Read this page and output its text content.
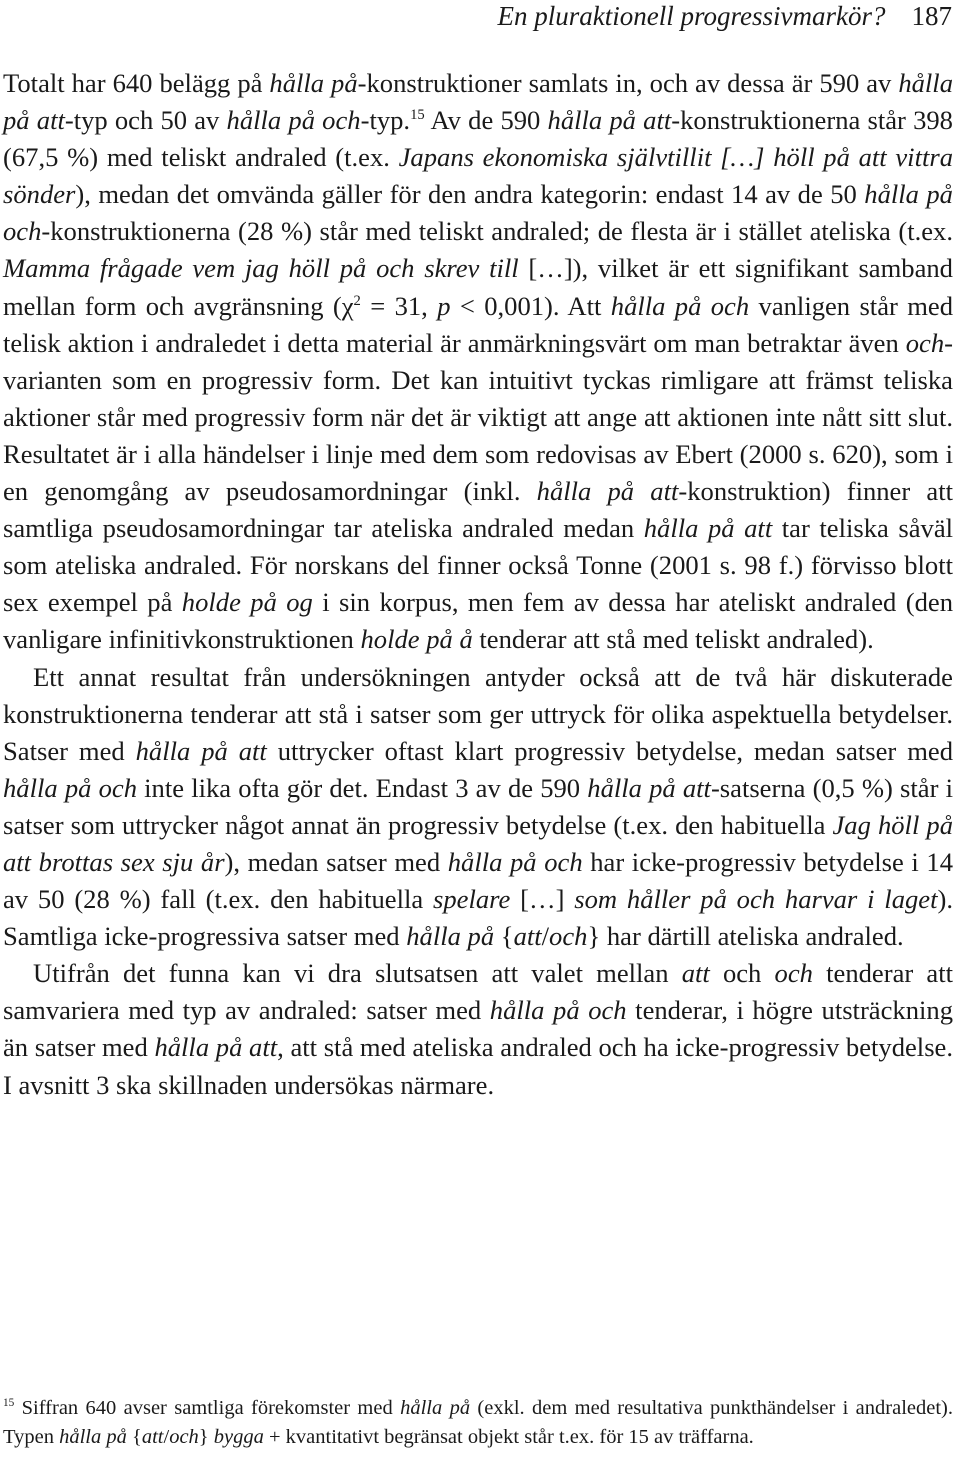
En pluraktionell progressivmarkör? 187

Totalt har 640 belägg på hålla på-konstruktioner samlats in, och av dessa är 590 av hålla på att-typ och 50 av hålla på och-typ.$^{15}$ Av de 590 hålla på att-konstruktionerna står 398 (67,5 %) med teliskt andraled (t.ex. Japans ekonomiska självtillit […] höll på att vittra sönder), medan det omvända gäller för den andra kategorin: endast 14 av de 50 hålla på och-konstruktionerna (28 %) står med teliskt andraled; de flesta är i stället ateliska (t.ex. Mamma frågade vem jag höll på och skrev till […]), vilket är ett signifikant samband mellan form och avgränsning ($\chi^2 = 31$, p < 0,001). Att hålla på och vanligen står med telisk aktion i andraledet i detta material är anmärkningsvärt om man betraktar även och-varianten som en progressiv form. Det kan intuitivt tyckas rimligare att främst teliska aktioner står med progressiv form när det är viktigt att ange att aktionen inte nått sitt slut. Resultatet är i alla händelser i linje med dem som redovisas av Ebert (2000 s. 620), som i en genomgång av pseudosamordningar (inkl. hålla på att-konstruktion) finner att samtliga pseudosamordningar tar ateliska andraled medan hålla på att tar teliska såväl som ateliska andraled. För norskans del finner också Tonne (2001 s. 98 f.) förvisso blott sex exempel på holde på og i sin korpus, men fem av dessa har ateliskt andraled (den vanligare infinitivkonstruktionen holde på å tenderar att stå med teliskt andraled).

Ett annat resultat från undersökningen antyder också att de två här diskuterade konstruktionerna tenderar att stå i satser som ger uttryck för olika aspektuella betydelser. Satser med hålla på att uttrycker oftast klart progressiv betydelse, medan satser med hålla på och inte lika ofta gör det. Endast 3 av de 590 hålla på att-satserna (0,5 %) står i satser som uttrycker något annat än progressiv betydelse (t.ex. den habituella Jag höll på att brottas sex sju år), medan satser med hålla på och har icke-progressiv betydelse i 14 av 50 (28 %) fall (t.ex. den habituella spelare […] som håller på och harvar i laget). Samtliga icke-progressiva satser med hålla på {att/och} har därtill ateliska andraled.

Utifrån det funna kan vi dra slutsatsen att valet mellan att och och tenderar att samvariera med typ av andraled: satser med hålla på och tenderar, i högre utsträckning än satser med hålla på att, att stå med ateliska andraled och ha icke-progressiv betydelse. I avsnitt 3 ska skillnaden undersökas närmare.

$^{15}$ Siffran 640 avser samtliga förekomster med hålla på (exkl. dem med resultativa punkthändelser i andraledet). Typen hålla på {att/och} bygga + kvantitativt begränsat objekt står t.ex. för 15 av träffarna.
